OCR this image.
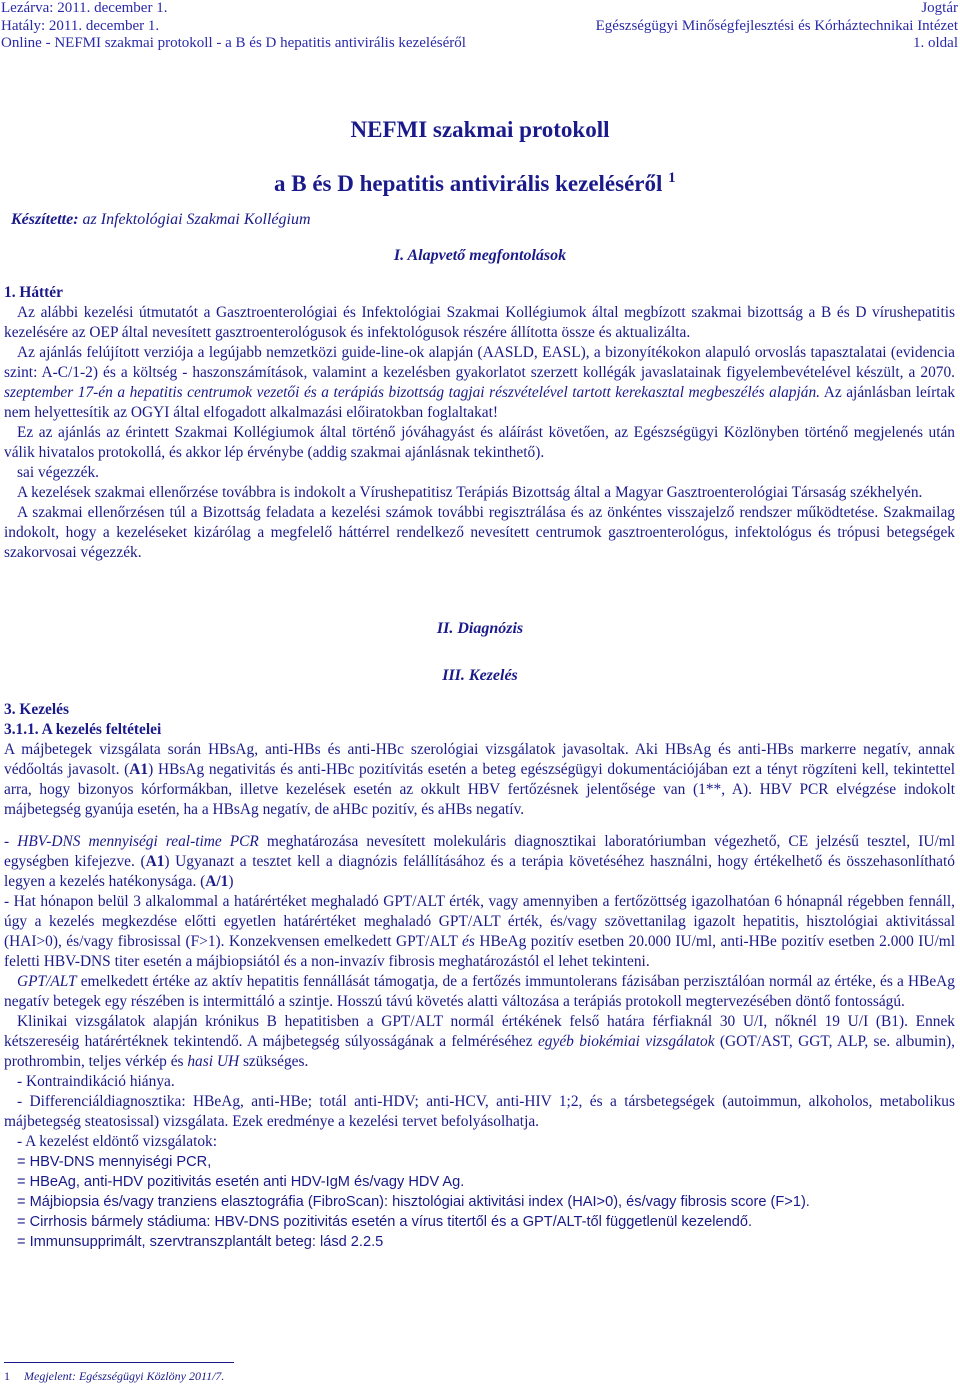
Lezárva: 2011. december 1.
Hatály: 2011. december 1.
Online - NEFMI szakmai protokoll - a B és D hepatitis antivirális kezeléséről
Jogtár
Egészségügyi Minőségfejlesztési és Kórháztechnikai Intézet
1. oldal
NEFMI szakmai protokoll
a B és D hepatitis antivirális kezeléséről $^1$
Készítette: az Infektológiai Szakmai Kollégium
I. Alapvető megfontolások

1. Háttér

Az alábbi kezelési útmutatót a Gasztroenterológiai és Infektológiai Szakmai Kollégiumok által megbízott szakmai bizottság a B és D vírushepatitis kezelésére az OEP által nevesített gasztroenterológusok és infektológusok részére állította össze és aktualizálta.

Az ajánlás felújított verziója a legújabb nemzetközi guide-line-ok alapján (AASLD, EASL), a bizonyítékokon alapuló orvoslás tapasztalatai (evidencia szint: A-C/1-2) és a költség - haszonszámítások, valamint a kezelésben gyakorlatot szerzett kollégák javaslatainak figyelembevételével készült, a 2070. szeptember 17-én a hepatitis centrumok vezetői és a terápiás bizottság tagjai részvételével tartott kerekasztal megbeszélés alapján. Az ajánlásban leírtak nem helyettesítik az OGYI által elfogadott alkalmazási előiratokban foglaltakat!

Ez az ajánlás az érintett Szakmai Kollégiumok által történő jóváhagyást és aláírást követően, az Egészségügyi Közlönyben történő megjelenés után válik hivatalos protokollá, és akkor lép érvénybe (addig szakmai ajánlásnak tekinthető).

sai végezzék.

A kezelések szakmai ellenőrzése továbbra is indokolt a Vírushepatitisz Terápiás Bizottság által a Magyar Gasztroenterológiai Társaság székhelyén.

A szakmai ellenőrzésen túl a Bizottság feladata a kezelési számok további regisztrálása és az önkéntes visszajelző rendszer működtetése. Szakmailag indokolt, hogy a kezeléseket kizárólag a megfelelő háttérrel rendelkező nevesített centrumok gasztroenterológus, infektológus és trópusi betegségek szakorvosai végezzék.

II. Diagnózis
III. Kezelés

3. Kezelés

3.1.1. A kezelés feltételei

A májbetegek vizsgálata során HBsAg, anti-HBs és anti-HBc szerológiai vizsgálatok javasoltak. Aki HBsAg és anti-HBs markerre negatív, annak védőoltás javasolt. (A1) HBsAg negativitás és anti-HBc pozitívitás esetén a beteg egészségügyi dokumentációjában ezt a tényt rögzíteni kell, tekintettel arra, hogy bizonyos kórformákban, illetve kezelések esetén az okkult HBV fertőzésnek jelentősége van (1**, A). HBV PCR elvégzése indokolt májbetegség gyanúja esetén, ha a HBsAg negatív, de aHBc pozitív, és aHBs negatív.

- HBV-DNS mennyiségi real-time PCR meghatározása nevesített molekuláris diagnosztikai laboratóriumban végezhető, CE jelzésű tesztel, IU/ml egységben kifejezve. (A1) Ugyanazt a tesztet kell a diagnózis felállításához és a terápia követéséhez használni, hogy értékelhető és összehasonlítható legyen a kezelés hatékonysága. (A/1)

- Hat hónapon belül 3 alkalommal a határértéket meghaladó GPT/ALT érték, vagy amennyiben a fertőzöttség igazolhatóan 6 hónapnál régebben fennáll, úgy a kezelés megkezdése előtti egyetlen határértéket meghaladó GPT/ALT érték, és/vagy szövettanilag igazolt hepatitis, hisztológiai aktivitással (HAI>0), és/vagy fibrosissal (F>1). Konzekvensen emelkedett GPT/ALT és HBeAg pozitív esetben 20.000 IU/ml, anti-HBe pozitív esetben 2.000 IU/ml feletti HBV-DNS titer esetén a májbiopsiától és a non-invazív fibrosis meghatározástól el lehet tekinteni.

GPT/ALT emelkedett értéke az aktív hepatitis fennállását támogatja, de a fertőzés immuntolerans fázisában perzisztálóan normál az értéke, és a HBeAg negatív betegek egy részében is intermittáló a szintje. Hosszú távú követés alatti változása a terápiás protokoll megtervezésében döntő fontosságú.

Klinikai vizsgálatok alapján krónikus B hepatitisben a GPT/ALT normál értékének felső határa férfiaknál 30 U/I, nőknél 19 U/I (B1). Ennek kétszereséig határértéknek tekintendő. A májbetegség súlyosságának a felméréséhez egyéb biokémiai vizsgálatok (GOT/AST, GGT, ALP, se. albumin), prothrombin, teljes vérkép és hasi UH szükséges.

- Kontraindikáció hiánya.

- Differenciáldiagnosztika: HBeAg, anti-HBe; totál anti-HDV; anti-HCV, anti-HIV 1;2, és a társbetegségek (autoimmun, alkoholos, metabolikus májbetegség steatosissal) vizsgálata. Ezek eredménye a kezelési tervet befolyásolhatja.

- A kezelést eldöntő vizsgálatok:

= HBV-DNS mennyiségi PCR,

= HBeAg, anti-HDV pozitivitás esetén anti HDV-IgM és/vagy HDV Ag.

= Májbiopsia és/vagy tranziens elasztográfia (FibroScan): hisztológiai aktivitási index (HAI>0), és/vagy fibrosis score (F>1).

= Cirrhosis bármely stádiuma: HBV-DNS pozitivitás esetén a vírus titertől és a GPT/ALT-től függetlenül kezelendő.

= Immunsupprimált, szervtranszplantált beteg: lásd 2.2.5

1 Megjelent: Egészségügyi Közlöny 2011/7.
